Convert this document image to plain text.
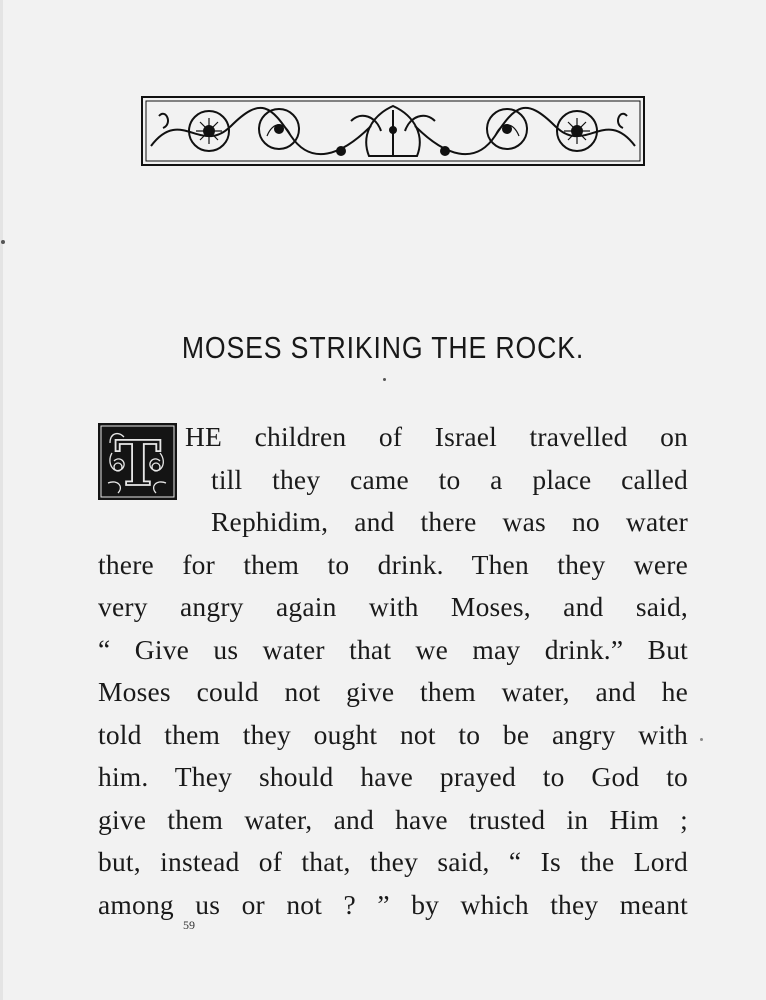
MOSES STRIKING THE ROCK.
T HE children of Israel travelled on
till they came to a place called
Rephidim, and there was no water
there for them to drink. Then they were
very angry again with Moses, and said,
“ Give us water that we may drink.” But
Moses could not give them water, and he
told them they ought not to be angry with
him. They should have prayed to God to
give them water, and have trusted in Him ;
but, instead of that, they said, “ Is the Lord
among us or not ? ” by which they meant
59
